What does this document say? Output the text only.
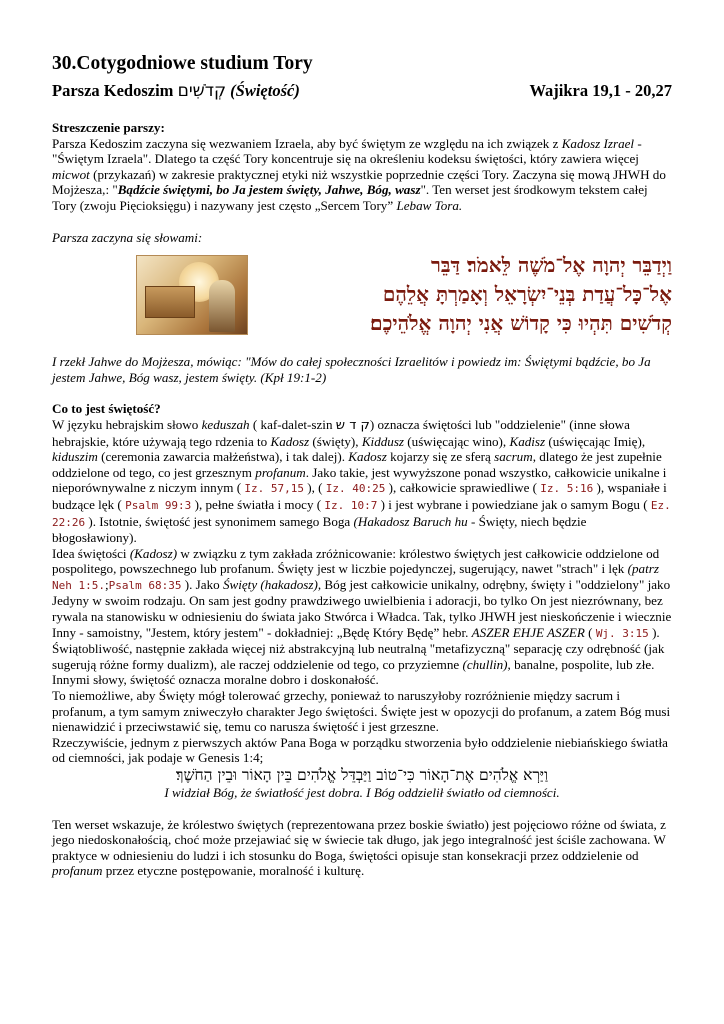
30.Cotygodniowe studium Tory
Parsza Kedoszim קְדֹשִׁים (Świętość)	Wajikra 19,1 - 20,27

Streszczenie parszy:

Parsza Kedoszim zaczyna się wezwaniem Izraela, aby być świętym ze względu na ich związek z Kadosz Izrael - "Świętym Izraela". Dlatego ta część Tory koncentruje się na określeniu kodeksu świętości, który zawiera więcej micwot (przykazań) w zakresie praktycznej etyki niż wszystkie poprzednie części Tory. Zaczyna się mową JHWH do Mojżesza,: "Bądźcie świętymi, bo Ja jestem święty, Jahwe, Bóg, wasz". Ten werset jest środkowym tekstem całej Tory (zwoju Pięcioksięgu) i nazywany jest często „Sercem Tory” Lebaw Tora.

Parsza zaczyna się słowami:

וַיְדַבֵּר יְהוָה אֶל־מֹשֶׁה לֵּאמֹר׃ דַּבֵּר
אֶל־כָּל־עֲדַת בְּנֵי־יִשְׂרָאֵל וְאָמַרְתָּ אֲלֵהֶם
קְדֹשִׁים תִּהְיוּ כִּי קָדוֹשׁ אֲנִי יְהוָה אֱלֹהֵיכֶם׃

I rzekł Jahwe do Mojżesza, mówiąc: "Mów do całej społeczności Izraelitów i powiedz im: Świętymi bądźcie, bo Ja jestem Jahwe, Bóg wasz, jestem święty. (Kpł 19:1-2)

Co to jest świętość?

W języku hebrajskim słowo keduszah ( kaf-dalet-szin ק ד ש) oznacza świętości lub "oddzielenie" (inne słowa hebrajskie, które używają tego rdzenia to Kadosz (święty), Kiddusz (uświęcając wino), Kadisz (uświęcając Imię), kiduszim (ceremonia zawarcia małżeństwa), i tak dalej). Kadosz kojarzy się ze sferą sacrum, dlatego że jest zupełnie oddzielone od tego, co jest grzesznym profanum. Jako takie, jest wywyższone ponad wszystko, całkowicie unikalne i nieporównywalne z niczym innym ( Iz. 57,15 ), ( Iz. 40:25 ), całkowicie sprawiedliwe ( Iz. 5:16 ), wspaniałe i budzące lęk ( Psalm 99:3 ), pełne światła i mocy ( Iz. 10:7 ) i jest wybrane i powiedziane jak o samym Bogu ( Ez. 22:26 ). Istotnie, świętość jest synonimem samego Boga (Hakadosz Baruch hu - Święty, niech będzie błogosławiony).

Idea świętości (Kadosz) w związku z tym zakłada zróżnicowanie: królestwo świętych jest całkowicie oddzielone od pospolitego, powszechnego lub profanum. Święty jest w liczbie pojedynczej, sugerujący, nawet "strach" i lęk (patrz Neh 1:5.;Psalm 68:35 ). Jako Święty (hakadosz), Bóg jest całkowicie unikalny, odrębny, święty i "oddzielony" jako Jedyny w swoim rodzaju. On sam jest godny prawdziwego uwielbienia i adoracji, bo tylko On jest niezrównany, bez rywala na stanowisku w odniesieniu do świata jako Stwórca i Władca. Tak, tylko JHWH jest nieskończenie i wiecznie Inny - samoistny, "Jestem, który jestem" - dokładniej: „Będę Który Będę” hebr. ASZER EHJE ASZER ( Wj. 3:15 ).

Świątobliwość, następnie zakłada więcej niż abstrakcyjną lub neutralną "metafizyczną" separację czy odrębność (jak sugerują różne formy dualizm), ale raczej oddzielenie od tego, co przyziemne (chullin), banalne, pospolite, lub złe. Innymi słowy, świętość oznacza moralne dobro i doskonałość.

To niemożliwe, aby Święty mógł tolerować grzechy, ponieważ to naruszyłoby rozróżnienie między sacrum i profanum, a tym samym zniweczyło charakter Jego świętości. Święte jest w opozycji do profanum, a zatem Bóg musi nienawidzić i przeciwstawić się, temu co narusza świętość i jest grzeszne.

Rzeczywiście, jednym z pierwszych aktów Pana Boga w porządku stworzenia było oddzielenie niebiańskiego światła od ciemności, jak podaje w Genesis 1:4;

וַיַּרְא אֱלֹהִים אֶת־הָאוֹר כִּי־טוֹב וַיַּבְדֵּל אֱלֹהִים בֵּין הָאוֹר וּבֵין הַחֹשֶׁךְ׃

I widział Bóg, że światłość jest dobra. I Bóg oddzielił światło od ciemności.

Ten werset wskazuje, że królestwo świętych (reprezentowana przez boskie światło) jest pojęciowo różne od świata, z jego niedoskonałością, choć może przejawiać się w świecie tak długo, jak jego integralność jest ściśle zachowana. W praktyce w odniesieniu do ludzi i ich stosunku do Boga, świętości opisuje stan konsekracji przez oddzielenie od profanum przez etyczne postępowanie, moralność i kulturę.
